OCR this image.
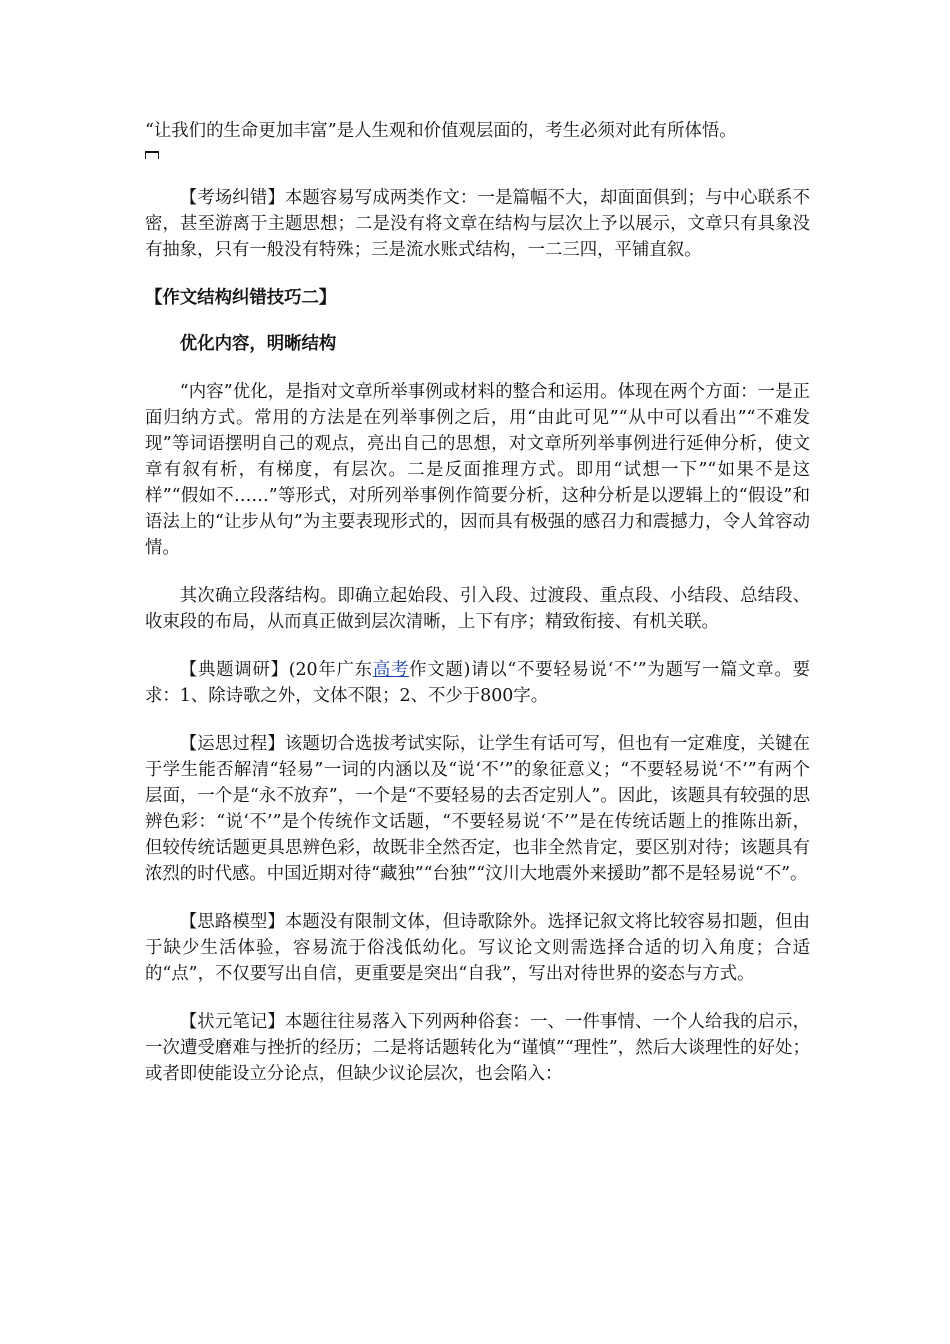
“让我们的生命更加丰富”是人生观和价值观层面的，考生必须对此有所体悟。

【考场纠错】本题容易写成两类作文：一是篇幅不大，却面面俱到；与中心联系不密，甚至游离于主题思想；二是没有将文章在结构与层次上予以展示，文章只有具象没有抽象，只有一般没有特殊；三是流水账式结构，一二三四，平铺直叙。

【作文结构纠错技巧二】

优化内容，明晰结构

“内容”优化，是指对文章所举事例或材料的整合和运用。体现在两个方面：一是正面归纳方式。常用的方法是在列举事例之后，用“由此可见”“从中可以看出”“不难发现”等词语摆明自己的观点，亮出自己的思想，对文章所列举事例进行延伸分析，使文章有叙有析，有梯度，有层次。二是反面推理方式。即用“试想一下”“如果不是这样”“假如不……”等形式，对所列举事例作简要分析，这种分析是以逻辑上的“假设”和语法上的“让步从句”为主要表现形式的，因而具有极强的感召力和震撼力，令人耸容动情。

其次确立段落结构。即确立起始段、引入段、过渡段、重点段、小结段、总结段、收束段的布局，从而真正做到层次清晰，上下有序；精致衔接、有机关联。

【典题调研】(20年广东高考作文题)请以“不要轻易说‘不’”为题写一篇文章。要求：1、除诗歌之外，文体不限；2、不少于800字。

【运思过程】该题切合选拔考试实际，让学生有话可写，但也有一定难度，关键在于学生能否解清“轻易”一词的内涵以及“说‘不’”的象征意义；“不要轻易说‘不’”有两个层面，一个是“永不放弃”，一个是“不要轻易的去否定别人”。因此，该题具有较强的思辨色彩：“说‘不’”是个传统作文话题，“不要轻易说‘不’”是在传统话题上的推陈出新，但较传统话题更具思辨色彩，故既非全然否定，也非全然肯定，要区别对待；该题具有浓烈的时代感。中国近期对待“藏独”“台独”“汶川大地震外来援助”都不是轻易说“不”。

【思路模型】本题没有限制文体，但诗歌除外。选择记叙文将比较容易扣题，但由于缺少生活体验，容易流于俗浅低幼化。写议论文则需选择合适的切入角度；合适的“点”，不仅要写出自信，更重要是突出“自我”，写出对待世界的姿态与方式。

【状元笔记】本题往往易落入下列两种俗套：一、一件事情、一个人给我的启示，一次遭受磨难与挫折的经历；二是将话题转化为“谨慎”“理性”，然后大谈理性的好处；或者即使能设立分论点，但缺少议论层次，也会陷入：
